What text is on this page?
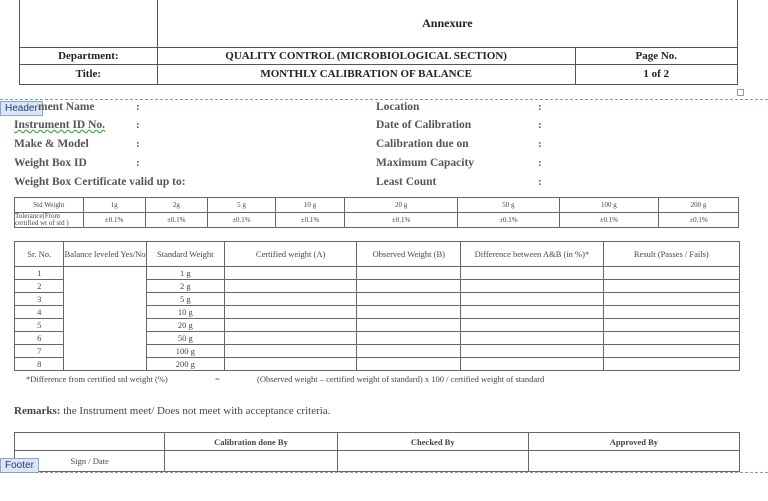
	Annexure	
Department:	QUALITY CONTROL (MICROBIOLOGICAL SECTION)	Page No.
Title:	MONTHLY CALIBRATION OF BALANCE	1 of 2
Header ment Name	:
Instrument ID No.	:
Make & Model	:
Weight Box ID	:
Weight Box Certificate valid up to:
Location	:
Date of Calibration	:
Calibration due on	:
Maximum Capacity	:
Least Count	:
Std Weight	1g	2g	5 g	10 g	20 g	50 g	100 g	200 g

Tolerance(From
certified wt of std )	±0.1%	±0.1%	±0.1%	±0.1%	±0.1%	±0.1%	±0.1%	±0.1%
Sr. No.	Balance leveled Yes/No	Standard Weight	Certified weight (A)	Observed Weight (B)	Difference between A&B (in %)*	Result (Passes / Fails)
1		1 g				
2		2 g				
3		5 g				
4		10 g				
5		20 g				
6		50 g				
7		100 g				
8		200 g				
*Difference from certified std weight (%)	=	(Observed weight – certified weight of standard) x 100 / certified weight of standard
Remarks: the Instrument meet/ Does not meet with acceptance criteria.
	Calibration done By	Checked By	Approved By
Sign / Date			
Footer
